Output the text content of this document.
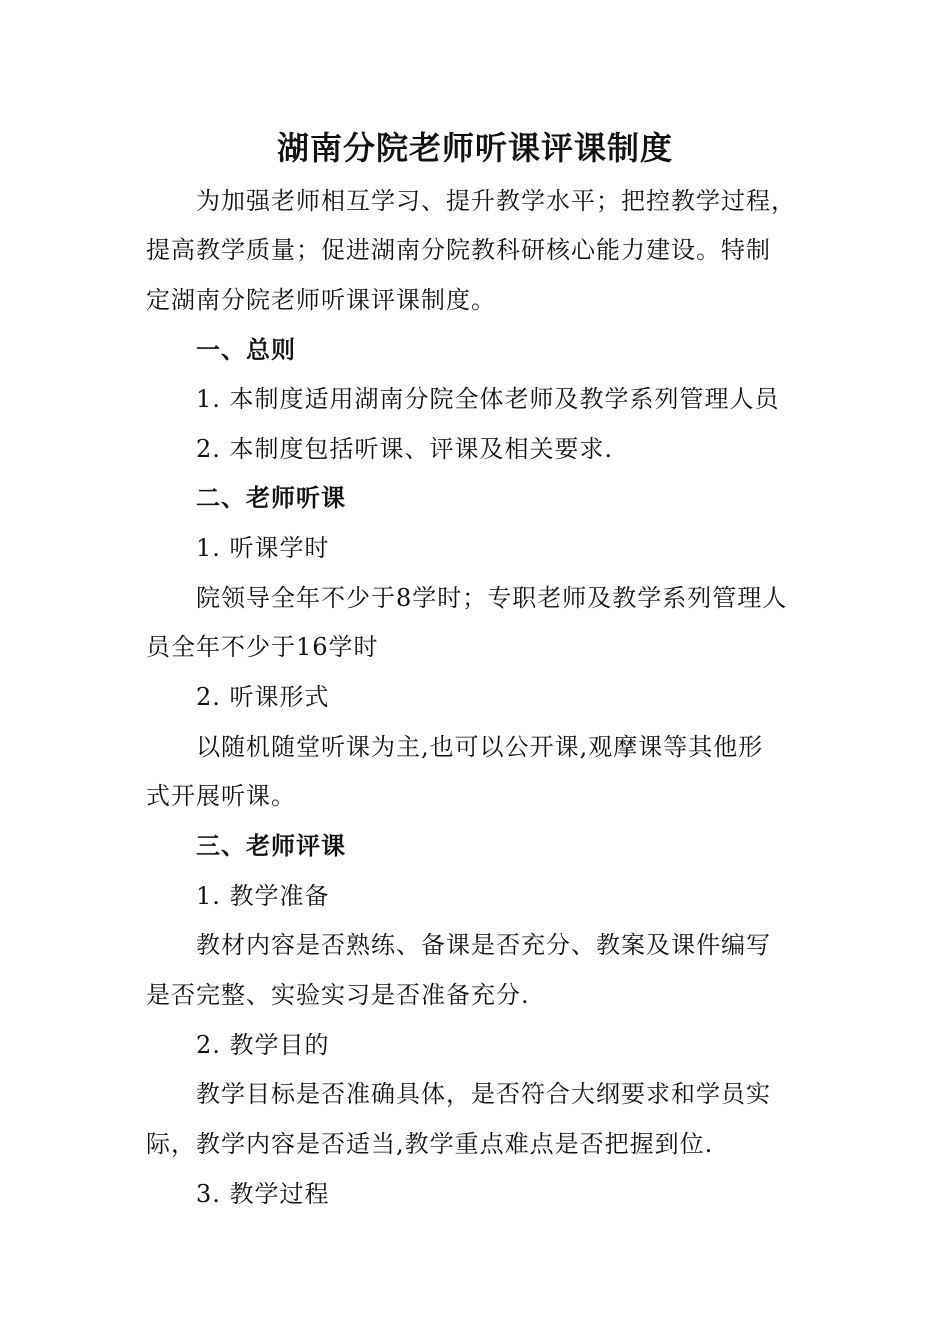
湖南分院老师听课评课制度
为加强老师相互学习、提升教学水平；把控教学过程，
提高教学质量；促进湖南分院教科研核心能力建设。特制
定湖南分院老师听课评课制度。
一、总则
1. 本制度适用湖南分院全体老师及教学系列管理人员
2. 本制度包括听课、评课及相关要求.
二、老师听课
1. 听课学时
院领导全年不少于8学时；专职老师及教学系列管理人
员全年不少于16学时
2. 听课形式
以随机随堂听课为主,也可以公开课,观摩课等其他形
式开展听课。
三、老师评课
1. 教学准备
教材内容是否熟练、备课是否充分、教案及课件编写
是否完整、实验实习是否准备充分.
2. 教学目的
教学目标是否准确具体，是否符合大纲要求和学员实
际，教学内容是否适当,教学重点难点是否把握到位.
3. 教学过程
